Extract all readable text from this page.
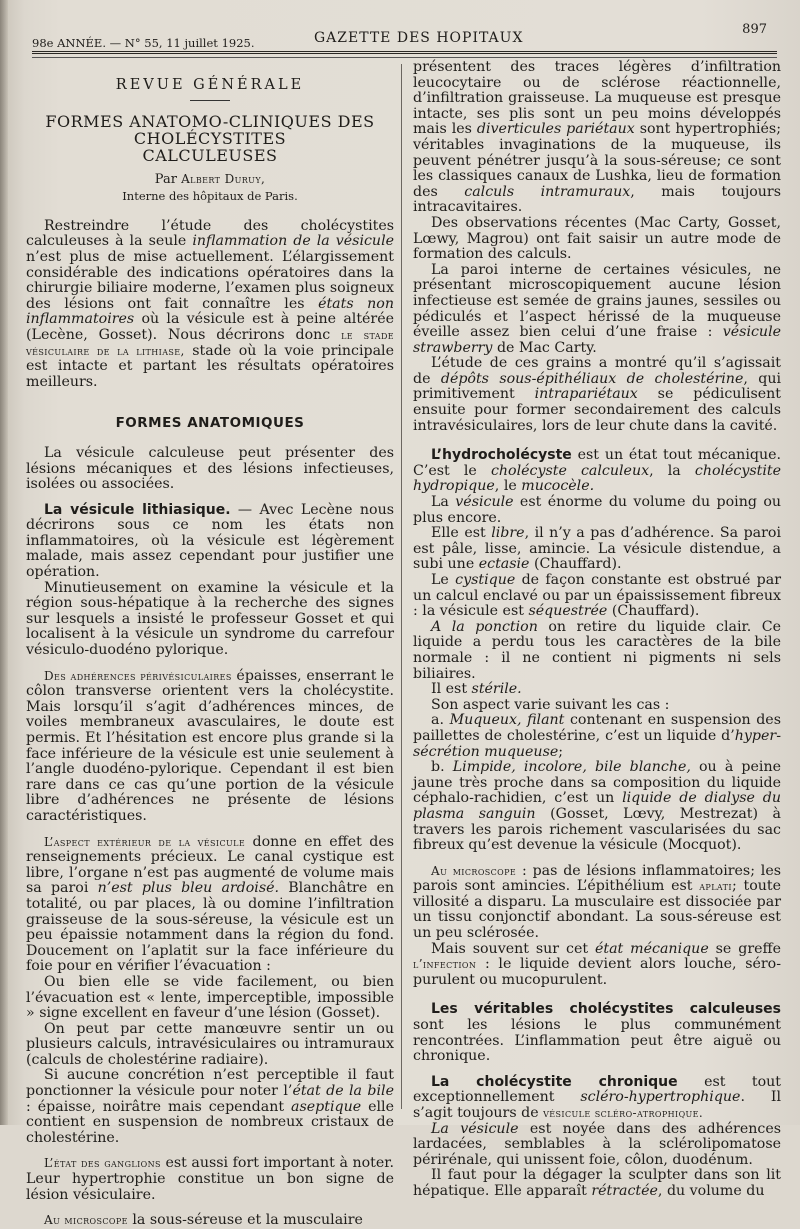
98e ANNÉE. — N° 55, 11 juillet 1925.	GAZETTE DES HOPITAUX
897
REVUE GÉNÉRALE
FORMES ANATOMO-CLINIQUES DES CHOLÉCYSTITES
CALCULEUSES
Par Albert Duruy,
Interne des hôpitaux de Paris.

Restreindre l’étude des cholécystites calculeuses à la seule inflammation de la vésicule n’est plus de mise actuellement. L’élargissement considérable des indications opératoires dans la chirurgie biliaire moderne, l’examen plus soigneux des lésions ont fait connaître les états non inflammatoires où la vésicule est à peine altérée (Lecène, Gosset). Nous décrirons donc le stade vésiculaire de la lithiase, stade où la voie principale est intacte et partant les résultats opératoires meilleurs.

FORMES ANATOMIQUES

La vésicule calculeuse peut présenter des lésions mécaniques et des lésions infectieuses, isolées ou associées.

La vésicule lithiasique. — Avec Lecène nous décrirons sous ce nom les états non inflammatoires, où la vésicule est légèrement malade, mais assez cependant pour justifier une opération.

Minutieusement on examine la vésicule et la région sous-hépatique à la recherche des signes sur lesquels a insisté le professeur Gosset et qui localisent à la vésicule un syndrome du carrefour vésiculo-duodéno pylorique.

Des adhérences périvésiculaires épaisses, enserrant le côlon transverse orientent vers la cholécystite. Mais lorsqu’il s’agit d’adhérences minces, de voiles membraneux avasculaires, le doute est permis. Et l’hésitation est encore plus grande si la face inférieure de la vésicule est unie seulement à l’angle duodéno-pylorique. Cependant il est bien rare dans ce cas qu’une portion de la vésicule libre d’adhérences ne présente de lésions caractéristiques.

L’aspect extérieur de la vésicule donne en effet des renseignements précieux. Le canal cystique est libre, l’organe n’est pas augmenté de volume mais sa paroi n’est plus bleu ardoisé. Blanchâtre en totalité, ou par places, là ou domine l’infiltration graisseuse de la sous-séreuse, la vésicule est un peu épaissie notamment dans la région du fond. Doucement on l’aplatit sur la face inférieure du foie pour en vérifier l’évacuation :

Ou bien elle se vide facilement, ou bien l’évacuation est « lente, imperceptible, impossible » signe excellent en faveur d’une lésion (Gosset).

On peut par cette manœuvre sentir un ou plusieurs calculs, intravésiculaires ou intramuraux (calculs de cholestérine radiaire).

Si aucune concrétion n’est perceptible il faut ponctionner la vésicule pour noter l’état de la bile : épaisse, noirâtre mais cependant aseptique elle contient en suspension de nombreux cristaux de cholestérine.

L’état des ganglions est aussi fort important à noter. Leur hypertrophie constitue un bon signe de lésion vésiculaire.

Au microscope la sous-séreuse et la musculaire

présentent des traces légères d’infiltration leucocytaire ou de sclérose réactionnelle, d’infiltration graisseuse. La muqueuse est presque intacte, ses plis sont un peu moins développés mais les diverticules pariétaux sont hypertrophiés; véritables invaginations de la muqueuse, ils peuvent pénétrer jusqu’à la sous-séreuse; ce sont les classiques canaux de Lushka, lieu de formation des calculs intramuraux, mais toujours intracavitaires.

Des observations récentes (Mac Carty, Gosset, Lœwy, Magrou) ont fait saisir un autre mode de formation des calculs.

La paroi interne de certaines vésicules, ne présentant microscopiquement aucune lésion infectieuse est semée de grains jaunes, sessiles ou pédiculés et l’aspect hérissé de la muqueuse éveille assez bien celui d’une fraise : vésicule strawberry de Mac Carty.

L’étude de ces grains a montré qu’il s’agissait de dépôts sous-épithéliaux de cholestérine, qui primitivement intrapariétaux se pédiculisent ensuite pour former secondairement des calculs intravésiculaires, lors de leur chute dans la cavité.

L’hydrocholécyste est un état tout mécanique. C’est le cholécyste calculeux, la cholécystite hydropique, le mucocèle.

La vésicule est énorme du volume du poing ou plus encore.

Elle est libre, il n’y a pas d’adhérence. Sa paroi est pâle, lisse, amincie. La vésicule distendue, a subi une ectasie (Chauffard).

Le cystique de façon constante est obstrué par un calcul enclavé ou par un épaississement fibreux : la vésicule est séquestrée (Chauffard).

A la ponction on retire du liquide clair. Ce liquide a perdu tous les caractères de la bile normale : il ne contient ni pigments ni sels biliaires.

Il est stérile.

Son aspect varie suivant les cas :

a. Muqueux, filant contenant en suspension des paillettes de cholestérine, c’est un liquide d’hyper-sécrétion muqueuse;

b. Limpide, incolore, bile blanche, ou à peine jaune très proche dans sa composition du liquide céphalo-rachidien, c’est un liquide de dialyse du plasma sanguin (Gosset, Lœvy, Mestrezat) à travers les parois richement vascularisées du sac fibreux qu’est devenue la vésicule (Mocquot).

Au microscope : pas de lésions inflammatoires; les parois sont amincies. L’épithélium est aplati; toute villosité a disparu. La musculaire est dissociée par un tissu conjonctif abondant. La sous-séreuse est un peu sclérosée.

Mais souvent sur cet état mécanique se greffe l’infection : le liquide devient alors louche, séro-purulent ou mucopurulent.

Les véritables cholécystites calculeuses sont les lésions le plus communément rencontrées. L’inflammation peut être aiguë ou chronique.

La cholécystite chronique est tout exceptionnellement scléro-hypertrophique. Il s’agit toujours de vésicule scléro-atrophique.

La vésicule est noyée dans des adhérences lardacées, semblables à la sclérolipomatose périrénale, qui unissent foie, côlon, duodénum.

Il faut pour la dégager la sculpter dans son lit hépatique. Elle apparaît rétractée, du volume du
